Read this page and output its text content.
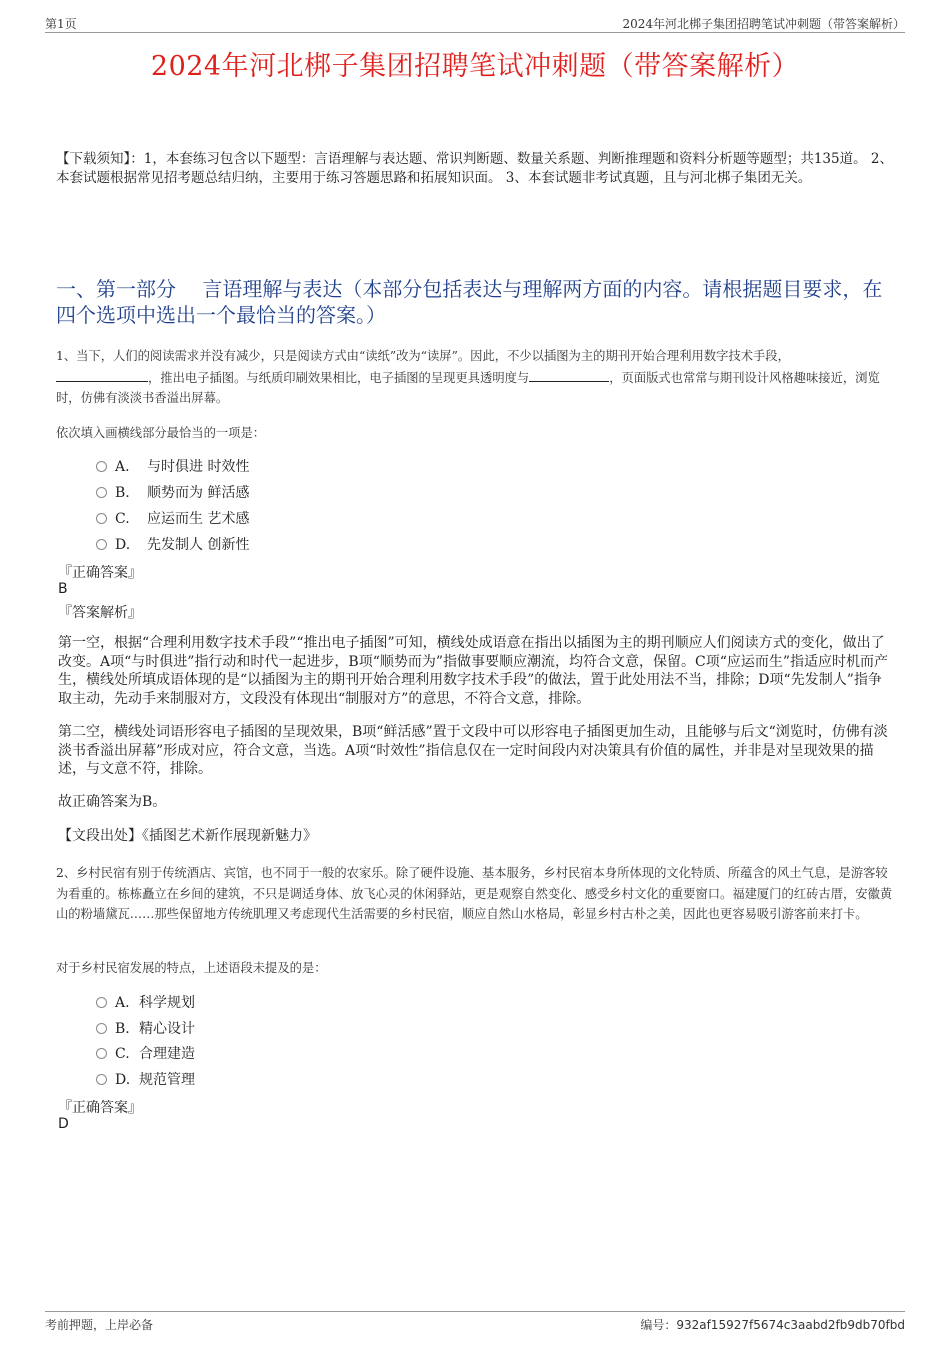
第1页	2024年河北梆子集团招聘笔试冲刺题（带答案解析）
2024年河北梆子集团招聘笔试冲刺题（带答案解析）
【下载须知】：1，本套练习包含以下题型：言语理解与表达题、常识判断题、数量关系题、判断推理题和资料分析题等题型；共135道。 2、本套试题根据常见招考题总结归纳，主要用于练习答题思路和拓展知识面。 3、本套试题非考试真题，且与河北梆子集团无关。
一、第一部分　 言语理解与表达（本部分包括表达与理解两方面的内容。请根据题目要求，在四个选项中选出一个最恰当的答案。）
1、当下，人们的阅读需求并没有减少，只是阅读方式由“读纸”改为“读屏”。因此，不少以插图为主的期刊开始合理利用数字技术手段，
，推出电子插图。与纸质印刷效果相比，电子插图的呈现更具透明度与	，页面版式也常常与期刊设计风格趣味接近，浏览时，仿佛有淡淡书香溢出屏幕。
依次填入画横线部分最恰当的一项是：
A. 与时俱进 时效性
B. 顺势而为 鲜活感
C. 应运而生 艺术感
D. 先发制人 创新性
『正确答案』
B
『答案解析』
第一空，根据“合理利用数字技术手段”“推出电子插图”可知，横线处成语意在指出以插图为主的期刊顺应人们阅读方式的变化，做出了改变。A项“与时俱进”指行动和时代一起进步，B项“顺势而为”指做事要顺应潮流，均符合文意，保留。C项“应运而生”指适应时机而产生，横线处所填成语体现的是“以插图为主的期刊开始合理利用数字技术手段”的做法，置于此处用法不当，排除；D项“先发制人”指争取主动，先动手来制服对方，文段没有体现出“制服对方”的意思，不符合文意，排除。
第二空，横线处词语形容电子插图的呈现效果，B项“鲜活感”置于文段中可以形容电子插图更加生动，且能够与后文“浏览时，仿佛有淡淡书香溢出屏幕”形成对应，符合文意，当选。A项“时效性”指信息仅在一定时间段内对决策具有价值的属性，并非是对呈现效果的描述，与文意不符，排除。
故正确答案为B。
【文段出处】《插图艺术新作展现新魅力》
2、乡村民宿有别于传统酒店、宾馆，也不同于一般的农家乐。除了硬件设施、基本服务，乡村民宿本身所体现的文化特质、所蕴含的风土气息，是游客较为看重的。栋栋矗立在乡间的建筑，不只是调适身体、放飞心灵的休闲驿站，更是观察自然变化、感受乡村文化的重要窗口。福建厦门的红砖古厝，安徽黄山的粉墙黛瓦……那些保留地方传统肌理又考虑现代生活需要的乡村民宿，顺应自然山水格局，彰显乡村古朴之美，因此也更容易吸引游客前来打卡。
对于乡村民宿发展的特点，上述语段未提及的是：
A. 科学规划
B. 精心设计
C. 合理建造
D. 规范管理
『正确答案』
D
考前押题，上岸必备	编号：932af15927f5674c3aabd2fb9db70fbd
